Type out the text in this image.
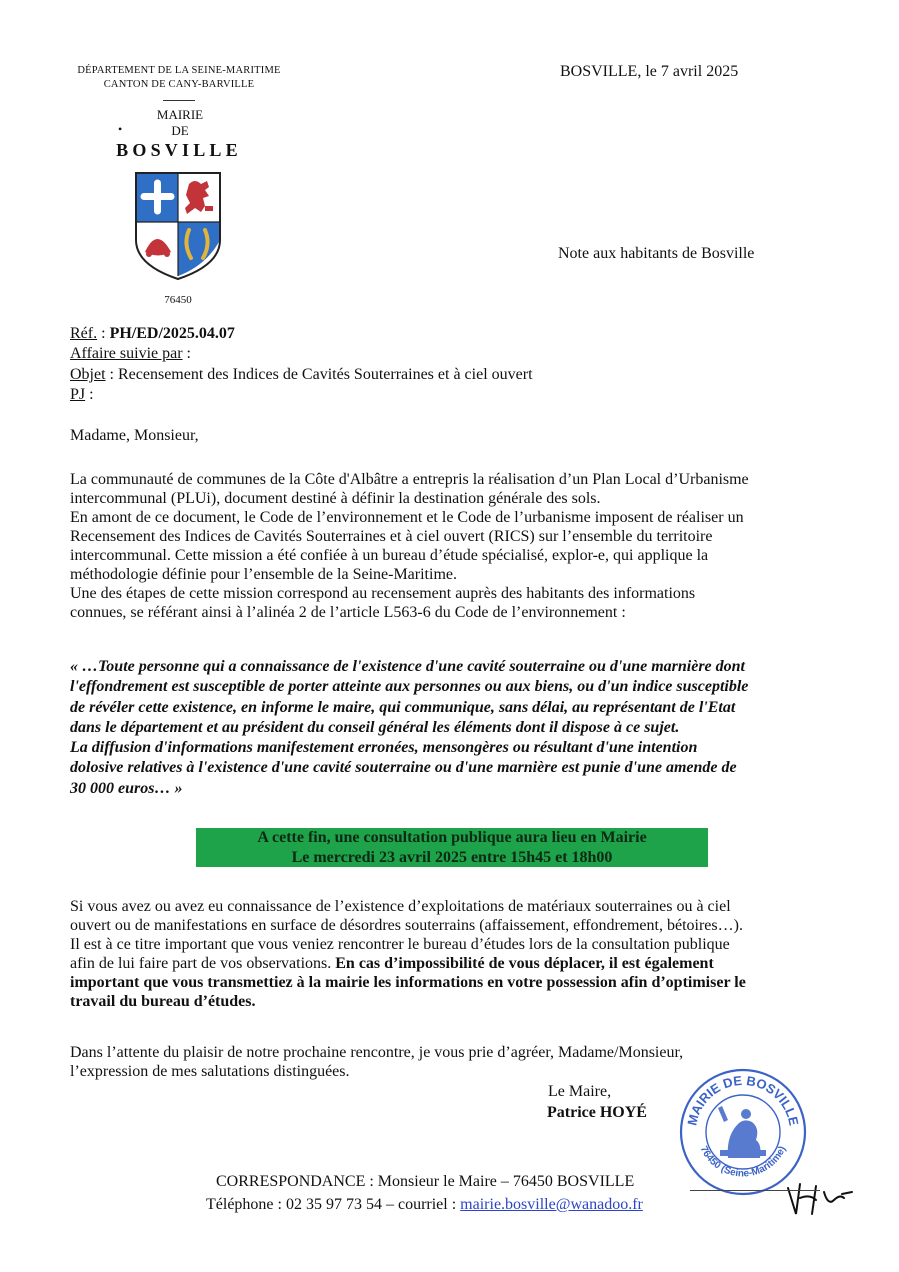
DÉPARTEMENT DE LA SEINE-MARITIME
CANTON DE CANY-BARVILLE
MAIRIE
DE
•
BOSVILLE
76450
BOSVILLE, le 7 avril 2025
Note aux habitants de Bosville
Réf. : PH/ED/2025.04.07
Affaire suivie par :
Objet : Recensement des Indices de Cavités Souterraines et à ciel ouvert
PJ :
Madame, Monsieur,

La communauté de communes de la Côte d'Albâtre a entrepris la réalisation d’un Plan Local d’Urbanisme

intercommunal (PLUi), document destiné à définir la destination générale des sols.

En amont de ce document, le Code de l’environnement et le Code de l’urbanisme imposent de réaliser un

Recensement des Indices de Cavités Souterraines et à ciel ouvert (RICS) sur l’ensemble du territoire

intercommunal. Cette mission a été confiée à un bureau d’étude spécialisé, explor-e, qui applique la

méthodologie définie pour l’ensemble de la Seine-Maritime.

Une des étapes de cette mission correspond au recensement auprès des habitants des informations

connues, se référant ainsi à l’alinéa 2 de l’article L563-6 du Code de l’environnement :

« …Toute personne qui a connaissance de l'existence d'une cavité souterraine ou d'une marnière dont
l'effondrement est susceptible de porter atteinte aux personnes ou aux biens, ou d'un indice susceptible
de révéler cette existence, en informe le maire, qui communique, sans délai, au représentant de l'Etat
dans le département et au président du conseil général les éléments dont il dispose à ce sujet.
La diffusion d'informations manifestement erronées, mensongères ou résultant d'une intention
dolosive relatives à l'existence d'une cavité souterraine ou d'une marnière est punie d'une amende de
30 000 euros… »
A cette fin, une consultation publique aura lieu en Mairie
Le mercredi 23 avril 2025 entre 15h45 et 18h00

Si vous avez ou avez eu connaissance de l’existence d’exploitations de matériaux souterraines ou à ciel

ouvert ou de manifestations en surface de désordres souterrains (affaissement, effondrement, bétoires…).

Il est à ce titre important que vous veniez rencontrer le bureau d’études lors de la consultation publique

afin de lui faire part de vos observations. En cas d’impossibilité de vous déplacer, il est également

important que vous transmettiez à la mairie les informations en votre possession afin d’optimiser le

travail du bureau d’études.

Dans l’attente du plaisir de notre prochaine rencontre, je vous prie d’agréer, Madame/Monsieur,

l’expression de mes salutations distinguées.

Le Maire,
Patrice HOYÉ	MAIRIE DE BOSVILLE
76450 (Seine-Maritime)
CORRESPONDANCE : Monsieur le Maire – 76450 BOSVILLE
Téléphone : 02 35 97 73 54 – courriel : mairie.bosville@wanadoo.fr
